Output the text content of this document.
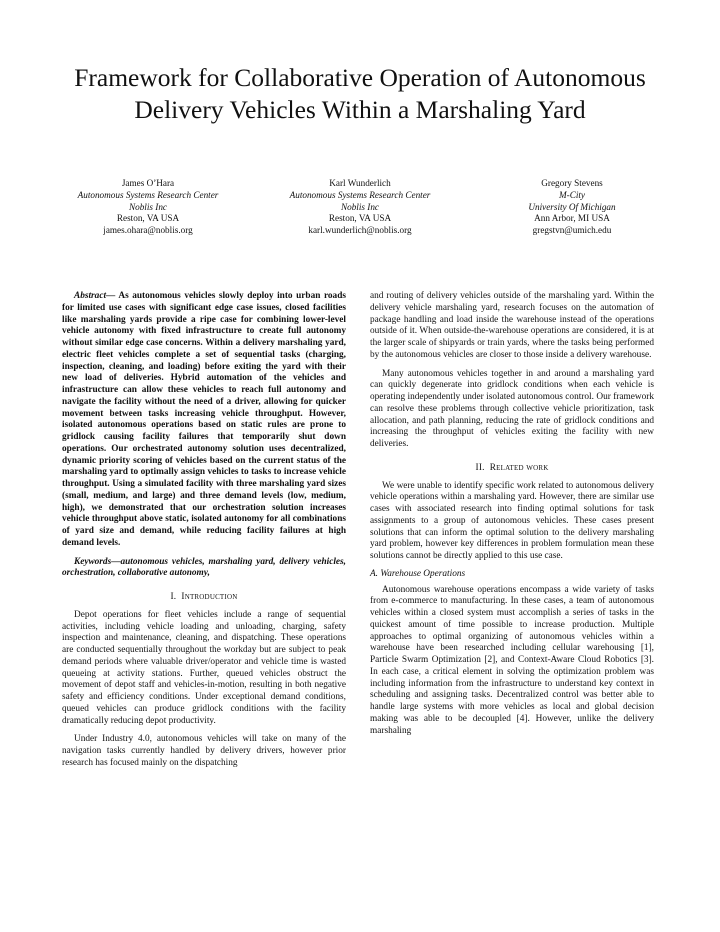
Framework for Collaborative Operation of Autonomous Delivery Vehicles Within a Marshaling Yard
James O’Hara
Autonomous Systems Research Center
Noblis Inc
Reston, VA USA
james.ohara@noblis.org
Karl Wunderlich
Autonomous Systems Research Center
Noblis Inc
Reston, VA USA
karl.wunderlich@noblis.org
Gregory Stevens
M-City
University Of Michigan
Ann Arbor, MI USA
gregstvn@umich.edu

Abstract— As autonomous vehicles slowly deploy into urban roads for limited use cases with significant edge case issues, closed facilities like marshaling yards provide a ripe case for combining lower-level vehicle autonomy with fixed infrastructure to create full autonomy without similar edge case concerns. Within a delivery marshaling yard, electric fleet vehicles complete a set of sequential tasks (charging, inspection, cleaning, and loading) before exiting the yard with their new load of deliveries. Hybrid automation of the vehicles and infrastructure can allow these vehicles to reach full autonomy and navigate the facility without the need of a driver, allowing for quicker movement between tasks increasing vehicle throughput. However, isolated autonomous operations based on static rules are prone to gridlock causing facility failures that temporarily shut down operations. Our orchestrated autonomy solution uses decentralized, dynamic priority scoring of vehicles based on the current status of the marshaling yard to optimally assign vehicles to tasks to increase vehicle throughput. Using a simulated facility with three marshaling yard sizes (small, medium, and large) and three demand levels (low, medium, high), we demonstrated that our orchestration solution increases vehicle throughput above static, isolated autonomy for all combinations of yard size and demand, while reducing facility failures at high demand levels.

Keywords—autonomous vehicles, marshaling yard, delivery vehicles, orchestration, collaborative autonomy,

I. Introduction

Depot operations for fleet vehicles include a range of sequential activities, including vehicle loading and unloading, charging, safety inspection and maintenance, cleaning, and dispatching. These operations are conducted sequentially throughout the workday but are subject to peak demand periods where valuable driver/operator and vehicle time is wasted queueing at activity stations. Further, queued vehicles obstruct the movement of depot staff and vehicles-in-motion, resulting in both negative safety and efficiency conditions. Under exceptional demand conditions, queued vehicles can produce gridlock conditions with the facility dramatically reducing depot productivity.

Under Industry 4.0, autonomous vehicles will take on many of the navigation tasks currently handled by delivery drivers, however prior research has focused mainly on the dispatching

and routing of delivery vehicles outside of the marshaling yard. Within the delivery vehicle marshaling yard, research focuses on the automation of package handling and load inside the warehouse instead of the operations outside of it. When outside-the-warehouse operations are considered, it is at the larger scale of shipyards or train yards, where the tasks being performed by the autonomous vehicles are closer to those inside a delivery warehouse.

Many autonomous vehicles together in and around a marshaling yard can quickly degenerate into gridlock conditions when each vehicle is operating independently under isolated autonomous control. Our framework can resolve these problems through collective vehicle prioritization, task allocation, and path planning, reducing the rate of gridlock conditions and increasing the throughput of vehicles exiting the facility with new deliveries.

II. Related work

We were unable to identify specific work related to autonomous delivery vehicle operations within a marshaling yard. However, there are similar use cases with associated research into finding optimal solutions for task assignments to a group of autonomous vehicles. These cases present solutions that can inform the optimal solution to the delivery marshaling yard problem, however key differences in problem formulation mean these solutions cannot be directly applied to this use case.

A. Warehouse Operations

Autonomous warehouse operations encompass a wide variety of tasks from e-commerce to manufacturing. In these cases, a team of autonomous vehicles within a closed system must accomplish a series of tasks in the quickest amount of time possible to increase production. Multiple approaches to optimal organizing of autonomous vehicles within a warehouse have been researched including cellular warehousing [1], Particle Swarm Optimization [2], and Context-Aware Cloud Robotics [3]. In each case, a critical element in solving the optimization problem was including information from the infrastructure to understand key context in scheduling and assigning tasks. Decentralized control was better able to handle large systems with more vehicles as local and global decision making was able to be decoupled [4]. However, unlike the delivery marshaling
